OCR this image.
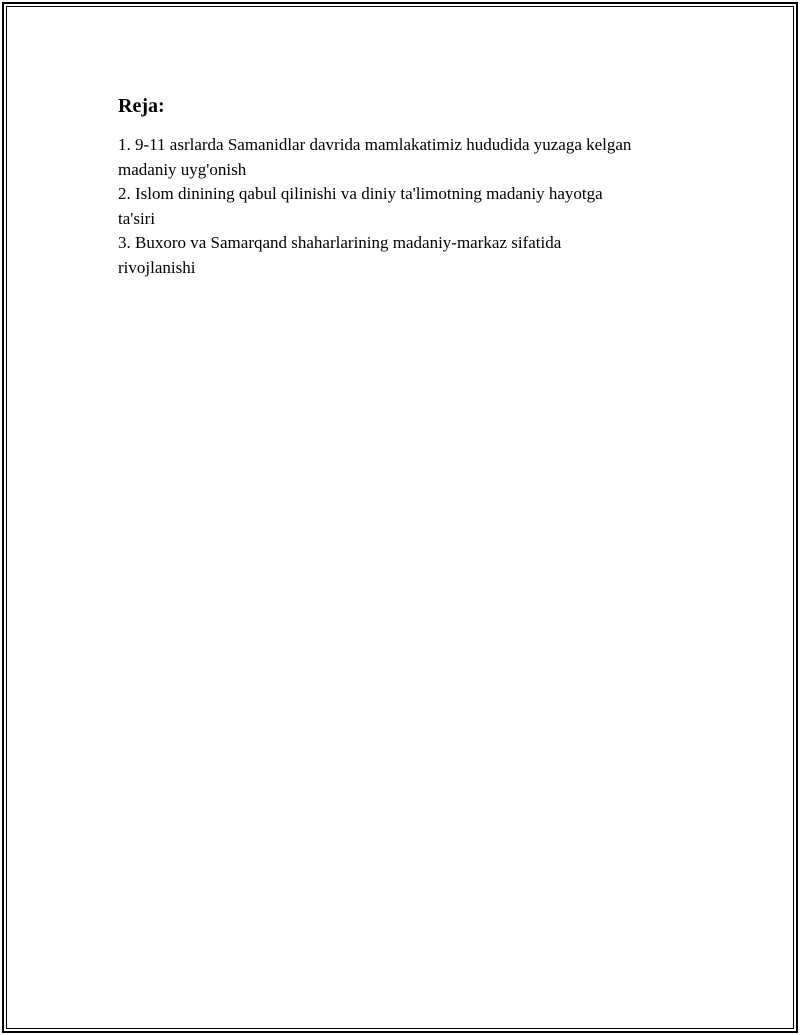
Reja:
1. 9-11 asrlarda Samanidlar davrida mamlakatimiz hududida yuzaga kelgan
madaniy uyg'onish
2. Islom dinining qabul qilinishi va diniy ta'limotning madaniy hayotga
ta'siri
3. Buxoro va Samarqand shaharlarining madaniy-markaz sifatida
rivojlanishi
